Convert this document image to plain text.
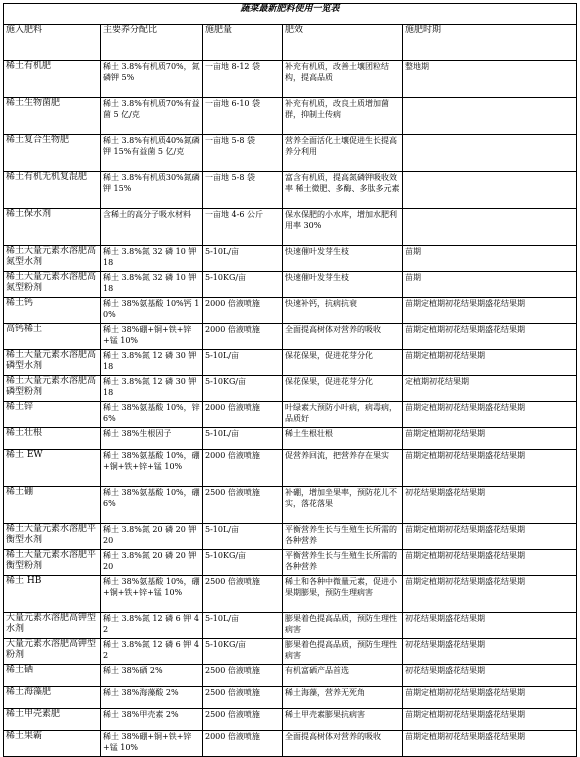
蔬菜最新肥料使用一览表				
施入肥料	主要养分配比	施肥量	肥效	施肥时期
稀土有机肥	稀土 3.8%有机质70%，氮磷钾 5%	一亩地 8-12 袋	补充有机质，改善土壤团粒结构，提高品质	整地期
稀土生物菌肥	稀土 3.8%有机质70%有益菌 5 亿/克	一亩地 6-10 袋	补充有机质，改良土质增加菌群，抑制土传病	
稀土复合生物肥	稀土 3.8%有机质40%氮磷钾 15%有益菌 5 亿/克	一亩地 5-8 袋	营养全面活化土壤促进生长提高养分利用	
稀土有机无机复混肥	稀土 3.8%有机质30%氮磷钾 15%	一亩地 5-8 袋	富含有机质，提高氮磷钾吸收效率 稀土微肥、多酶、多肽多元素	
稀土保水剂	含稀土的高分子吸水材料	一亩地 4-6 公斤	保水保肥的小水库，增加水肥利用率 30%	
稀土大量元素水溶肥高氮型水剂	稀土 3.8%氮 32 磷 10 钾 18	5-10L/亩	快速催叶发芽生枝	苗期
稀土大量元素水溶肥高氮型粉剂	稀土 3.8%氮 32 磷 10 钾 18	5-10KG/亩	快速催叶发芽生枝	苗期
稀土钙	稀土 38%氨基酸 10%钙 10%	2000 倍液喷施	快速补钙，抗病抗衰	苗期定植期初花结果期盛花结果期
高钙稀土	稀土 38%硼+铜+铁+锌+锰 10%	2000 倍液喷施	全面提高树体对营养的吸收	苗期定植期初花结果期盛花结果期
稀土大量元素水溶肥高磷型水剂	稀土 3.8%氮 12 磷 30 钾 18	5-10L/亩	保花保果，促进花芽分化	苗期定植期初花结果期
稀土大量元素水溶肥高磷型粉剂	稀土 3.8%氮 12 磷 30 钾 18	5-10KG/亩	保花保果，促进花芽分化	定植期初花结果期
稀土锌	稀土 38%氨基酸 10%，锌 6%	2000 倍液喷施	叶绿素大预防小叶病，病毒病，品质好	苗期定植期初花结果期盛花结果期
稀土壮根	稀土 38%生根因子	5-10L/亩	稀土生根壮根	苗期定植期初花结果期
稀土 EW	稀土 38%氨基酸 10%，硼+铜+铁+锌+锰 10%	2000 倍液喷施	促营养回流，把营养存在果实	苗期定植期初花结果期盛花结果期
稀土硼	稀土 38%氨基酸 10%，硼 6%	2500 倍液喷施	补硼，增加坐果率，预防花儿不实，落花落果	初花结果期盛花结果期
稀土大量元素水溶肥平衡型水剂	稀土 3.8%氮 20 磷 20 钾 20	5-10L/亩	平衡营养生长与生殖生长所需的各种营养	苗期定植期初花结果期盛花结果期
稀土大量元素水溶肥平衡型粉剂	稀土 3.8%氮 20 磷 20 钾 20	5-10KG/亩	平衡营养生长与生殖生长所需的各种营养	苗期定植期初花结果期盛花结果期
稀土 HB	稀土 38%氨基酸 10%，硼+铜+铁+锌+锰 10%	2500 倍液喷施	稀土和各种中微量元素，促进小果期膨果，预防生理病害	苗期定植期初花结果期盛花结果期
大量元素水溶肥高钾型水剂	稀土 3.8%氮 12 磷 6 钾 42	5-10L/亩	膨果着色提高品质，预防生理性病害	初花结果期盛花结果期
大量元素水溶肥高钾型粉剂	稀土 3.8%氮 12 磷 6 钾 42	5-10KG/亩	膨果着色提高品质，预防生理性病害	初花结果期盛花结果期
稀土硒	稀土 38%硒 2%	2500 倍液喷施	有机富硒产品首选	初花结果期盛花结果期
稀土海藻肥	稀土 38%海藻酸 2%	2500 倍液喷施	稀土海藻，营养无死角	苗期定植期初花结果期盛花结果期
稀土甲壳素肥	稀土 38%甲壳素 2%	2500 倍液喷施	稀土甲壳素膨果抗病害	苗期定植期初花结果期盛花结果期
稀土果霸	稀土 38%硼+铜+铁+锌+锰 10%	2000 倍液喷施	全面提高树体对营养的吸收	苗期定植期初花结果期盛花结果期
